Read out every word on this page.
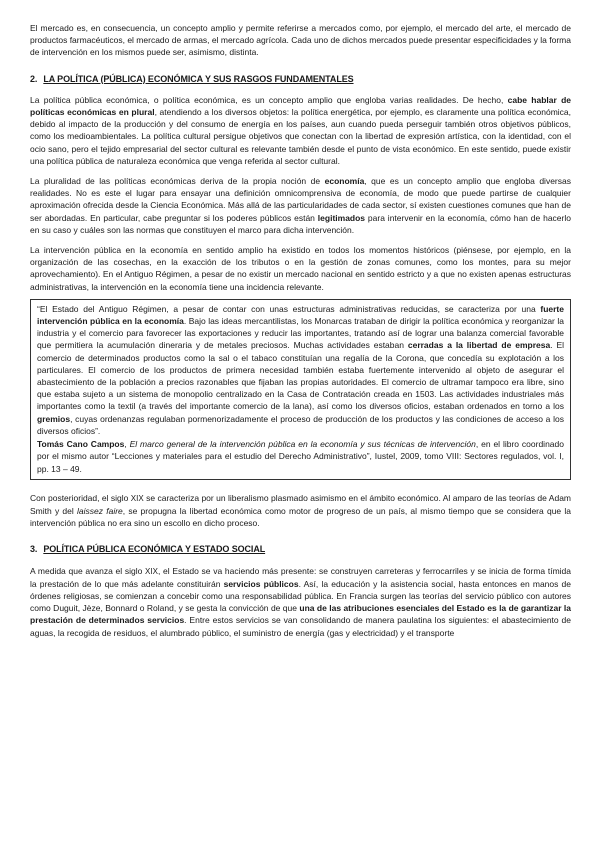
El mercado es, en consecuencia, un concepto amplio y permite referirse a mercados como, por ejemplo, el mercado del arte, el mercado de productos farmacéuticos, el mercado de armas, el mercado agrícola. Cada uno de dichos mercados puede presentar especificidades y la forma de intervención en los mismos puede ser, asimismo, distinta.

2. LA POLÍTICA (PÚBLICA) ECONÓMICA Y SUS RASGOS FUNDAMENTALES

La política pública económica, o política económica, es un concepto amplio que engloba varias realidades. De hecho, cabe hablar de políticas económicas en plural, atendiendo a los diversos objetos: la política energética, por ejemplo, es claramente una política económica, debido al impacto de la producción y del consumo de energía en los países, aun cuando pueda perseguir también otros objetivos públicos, como los medioambientales. La política cultural persigue objetivos que conectan con la libertad de expresión artística, con la identidad, con el ocio sano, pero el tejido empresarial del sector cultural es relevante también desde el punto de vista económico. En este sentido, puede existir una política pública de naturaleza económica que venga referida al sector cultural.

La pluralidad de las políticas económicas deriva de la propia noción de economía, que es un concepto amplio que engloba diversas realidades. No es este el lugar para ensayar una definición omnicomprensiva de economía, de modo que puede partirse de cualquier aproximación ofrecida desde la Ciencia Económica. Más allá de las particularidades de cada sector, sí existen cuestiones comunes que han de ser abordadas. En particular, cabe preguntar si los poderes públicos están legitimados para intervenir en la economía, cómo han de hacerlo en su caso y cuáles son las normas que constituyen el marco para dicha intervención.

La intervención pública en la economía en sentido amplio ha existido en todos los momentos históricos (piénsese, por ejemplo, en la organización de las cosechas, en la exacción de los tributos o en la gestión de zonas comunes, como los montes, para su mejor aprovechamiento). En el Antiguo Régimen, a pesar de no existir un mercado nacional en sentido estricto y a que no existen apenas estructuras administrativas, la intervención en la economía tiene una incidencia relevante.

“El Estado del Antiguo Régimen, a pesar de contar con unas estructuras administrativas reducidas, se caracteriza por una fuerte intervención pública en la economía. Bajo las ideas mercantilistas, los Monarcas trataban de dirigir la política económica y reorganizar la industria y el comercio para favorecer las exportaciones y reducir las importantes, tratando así de lograr una balanza comercial favorable que permitiera la acumulación dineraria y de metales preciosos. Muchas actividades estaban cerradas a la libertad de empresa. El comercio de determinados productos como la sal o el tabaco constituían una regalía de la Corona, que concedía su explotación a los particulares. El comercio de los productos de primera necesidad también estaba fuertemente intervenido al objeto de asegurar el abastecimiento de la población a precios razonables que fijaban las propias autoridades. El comercio de ultramar tampoco era libre, sino que estaba sujeto a un sistema de monopolio centralizado en la Casa de Contratación creada en 1503. Las actividades industriales más importantes como la textil (a través del importante comercio de la lana), así como los diversos oficios, estaban ordenados en torno a los gremios, cuyas ordenanzas regulaban pormenorizadamente el proceso de producción de los productos y las condiciones de acceso a los diversos oficios”.

Tomás Cano Campos, El marco general de la intervención pública en la economía y sus técnicas de intervención, en el libro coordinado por el mismo autor “Lecciones y materiales para el estudio del Derecho Administrativo”, Iustel, 2009, tomo VIII: Sectores regulados, vol. I, pp. 13 – 49.

Con posterioridad, el siglo XIX se caracteriza por un liberalismo plasmado asimismo en el ámbito económico. Al amparo de las teorías de Adam Smith y del laissez faire, se propugna la libertad económica como motor de progreso de un país, al mismo tiempo que se considera que la intervención pública no era sino un escollo en dicho proceso.

3. POLÍTICA PÚBLICA ECONÓMICA Y ESTADO SOCIAL

A medida que avanza el siglo XIX, el Estado se va haciendo más presente: se construyen carreteras y ferrocarriles y se inicia de forma tímida la prestación de lo que más adelante constituirán servicios públicos. Así, la educación y la asistencia social, hasta entonces en manos de órdenes religiosas, se comienzan a concebir como una responsabilidad pública. En Francia surgen las teorías del servicio público con autores como Duguit, Jèze, Bonnard o Roland, y se gesta la convicción de que una de las atribuciones esenciales del Estado es la de garantizar la prestación de determinados servicios. Entre estos servicios se van consolidando de manera paulatina los siguientes: el abastecimiento de aguas, la recogida de residuos, el alumbrado público, el suministro de energía (gas y electricidad) y el transporte
